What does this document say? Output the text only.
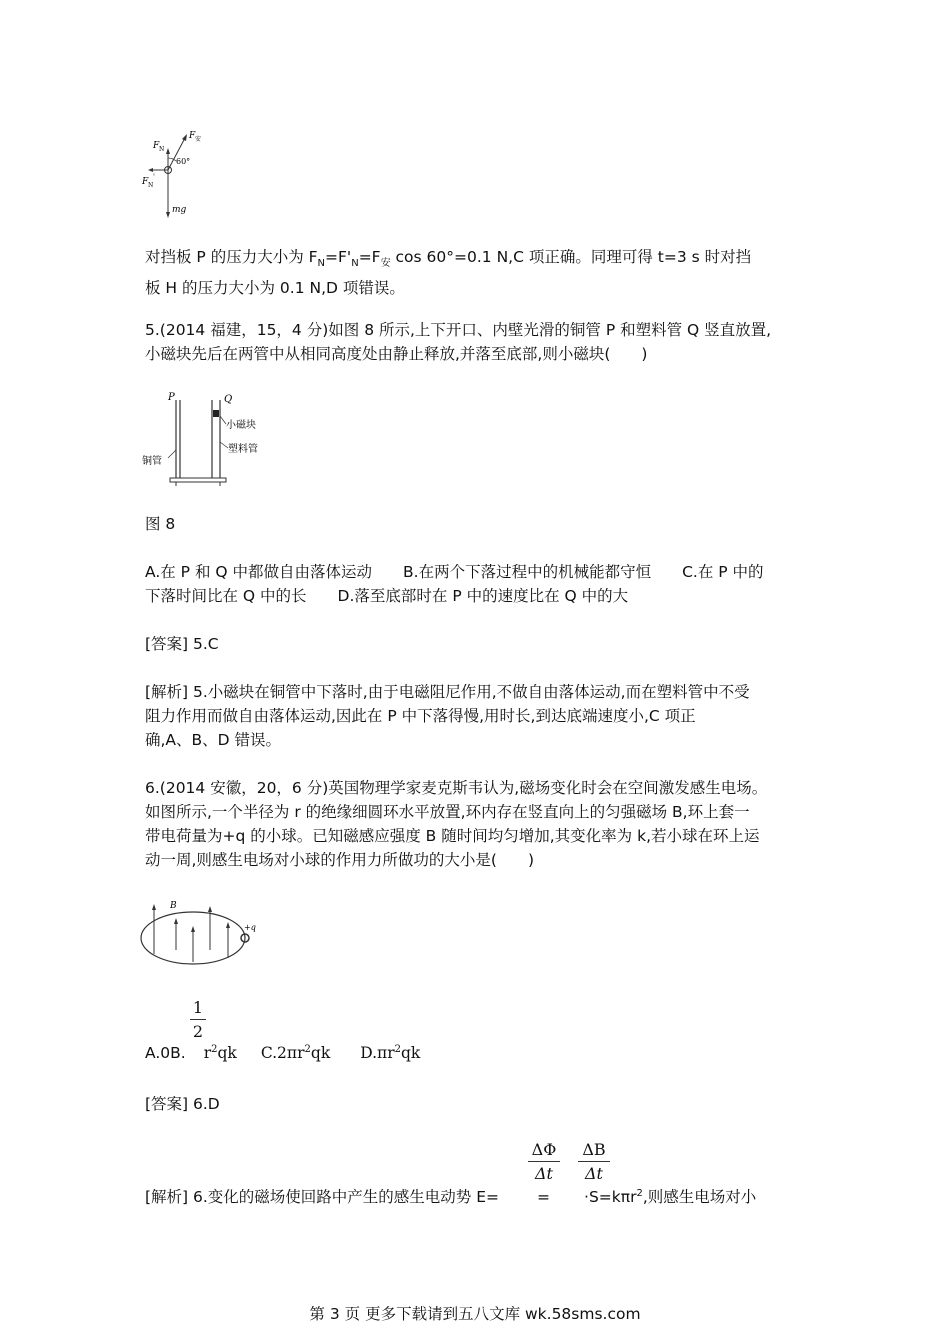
F N
F 安
60°
F N
'
mg
对挡板 P 的压力大小为 $F_N=F'_N=F_安$ cos 60°=0.1 N,C 项正确。同理可得 t=3 s 时对挡
板 H 的压力大小为 0.1 N,D 项错误。
5.(2014 福建，15，4 分)如图 8 所示,上下开口、内壁光滑的铜管 P 和塑料管 Q 竖直放置,
小磁块先后在两管中从相同高度处由静止释放,并落至底部,则小磁块(　　)
P	Q
小磁块
塑料管
铜管
图 8
A.在 P 和 Q 中都做自由落体运动　　B.在两个下落过程中的机械能都守恒　　C.在 P 中的
下落时间比在 Q 中的长　　D.落至底部时在 P 中的速度比在 Q 中的大
[答案] 5.C
[解析] 5.小磁块在铜管中下落时,由于电磁阻尼作用,不做自由落体运动,而在塑料管中不受
阻力作用而做自由落体运动,因此在 P 中下落得慢,用时长,到达底端速度小,C 项正
确,A、B、D 错误。
6.(2014 安徽，20，6 分)英国物理学家麦克斯韦认为,磁场变化时会在空间激发感生电场。
如图所示,一个半径为 r 的绝缘细圆环水平放置,环内存在竖直向上的匀强磁场 B,环上套一
带电荷量为+q 的小球。已知磁感应强度 B 随时间均匀增加,其变化率为 k,若小球在环上运
动一周,则感生电场对小球的作用力所做功的大小是(　　)
B
+q
$\frac{1}{2}$
A.0B. $r^2qk$ $C.2\pi r^2qk$ $D.\pi r^2qk$
[答案] 6.D
$\frac{\Delta\Phi}{\Delta t} \frac{\Delta B}{\Delta t}$
[解析] 6.变化的磁场使回路中产生的感生电动势 E= = ·S=kπr$^2$,则感生电场对小
第 3 页 更多下载请到五八文库 wk.58sms.com
